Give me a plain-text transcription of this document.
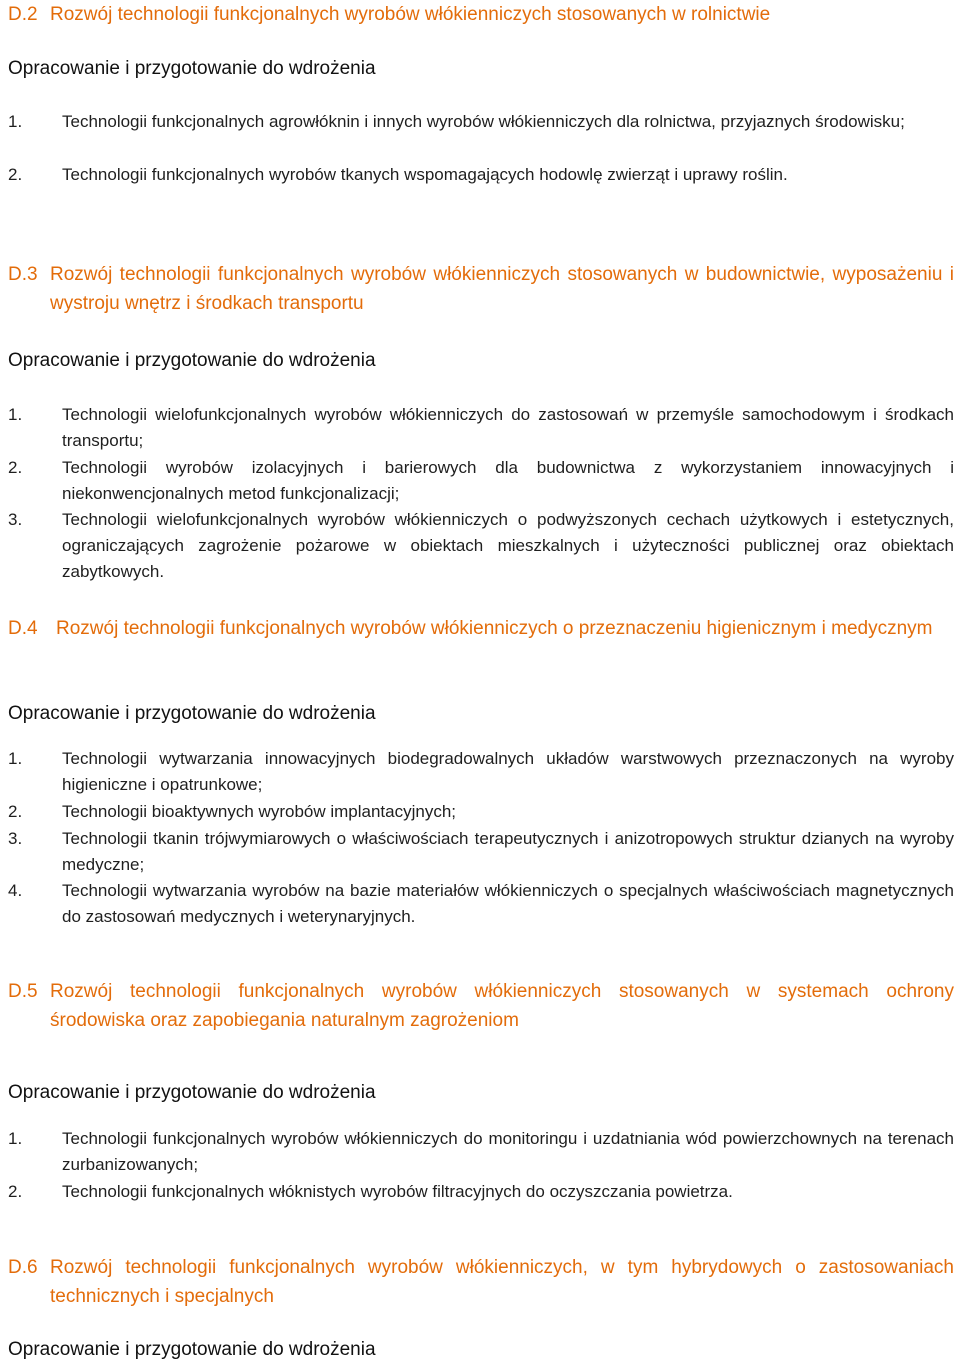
D.2 Rozwój technologii funkcjonalnych wyrobów włókienniczych stosowanych w rolnictwie
Opracowanie i przygotowanie do wdrożenia
1.	Technologii funkcjonalnych agrowłóknin i innych wyrobów włókienniczych dla rolnictwa, przyjaznych środowisku;
2.	Technologii funkcjonalnych wyrobów tkanych wspomagających hodowlę zwierząt i uprawy roślin.
D.3 Rozwój technologii funkcjonalnych wyrobów włókienniczych stosowanych w budownictwie, wyposażeniu i wystroju wnętrz i środkach transportu
Opracowanie i przygotowanie do wdrożenia
1.	Technologii wielofunkcjonalnych wyrobów włókienniczych do zastosowań w przemyśle samochodowym i środkach transportu;
2.	Technologii wyrobów izolacyjnych i barierowych dla budownictwa z wykorzystaniem innowacyjnych i niekonwencjonalnych metod funkcjonalizacji;
3.	Technologii wielofunkcjonalnych wyrobów włókienniczych o podwyższonych cechach użytkowych i estetycznych, ograniczających zagrożenie pożarowe w obiektach mieszkalnych i użyteczności publicznej oraz obiektach zabytkowych.
D.4 Rozwój technologii funkcjonalnych wyrobów włókienniczych o przeznaczeniu higienicznym i medycznym
Opracowanie i przygotowanie do wdrożenia
1.	Technologii wytwarzania innowacyjnych biodegradowalnych układów warstwowych przeznaczonych na wyroby higieniczne i opatrunkowe;
2.	Technologii bioaktywnych wyrobów implantacyjnych;
3.	Technologii tkanin trójwymiarowych o właściwościach terapeutycznych i anizotropowych struktur dzianych na wyroby medyczne;
4.	Technologii wytwarzania wyrobów na bazie materiałów włókienniczych o specjalnych właściwościach magnetycznych do zastosowań medycznych i weterynaryjnych.
D.5 Rozwój technologii funkcjonalnych wyrobów włókienniczych stosowanych w systemach ochrony środowiska oraz zapobiegania naturalnym zagrożeniom
Opracowanie i przygotowanie do wdrożenia
1.	Technologii funkcjonalnych wyrobów włókienniczych do monitoringu i uzdatniania wód powierzchownych na terenach zurbanizowanych;
2.	Technologii funkcjonalnych włóknistych wyrobów filtracyjnych do oczyszczania powietrza.
D.6 Rozwój technologii funkcjonalnych wyrobów włókienniczych, w tym hybrydowych o zastosowaniach technicznych i specjalnych
Opracowanie i przygotowanie do wdrożenia
